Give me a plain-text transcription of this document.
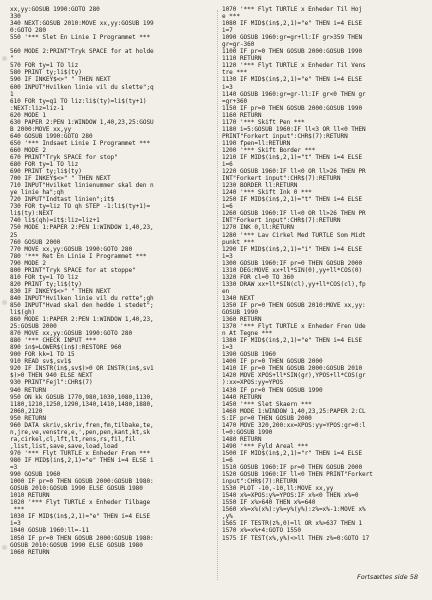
xx,yy:GOSUB 1990:GOTO 280
330
340 NEXT:GOSUB 2010:MOVE xx,yy:GOSUB 199
0:GOTO 280
550 '*** Slet En Linie I Programmet ***

560 MODE 2:PRINT"Tryk SPACE for at holde
"
570 FOR ty=1 TO liz
580 PRINT ty;li$(ty)
590 IF INKEY$<>" " THEN NEXT
600 INPUT"Hvilken linie vil du slette";q
1
610 FOR ty=q1 TO liz:li$(ty)=li$(ty+1)
:NEXT:liz=liz-1
620 MODE 1
630 PAPER 2:PEN 1:WINDOW 1,40,23,25:GOSU
B 2000:MOVE xx,yy
640 GOSUB 1990:GOTO 280
650 '*** Indsaet Linie I Programmet ***
660 MODE 2
670 PRINT"Tryk SPACE for stop"
680 FOR ty=1 TO liz
690 PRINT ty;li$(ty)
700 IF INKEY$<>" " THEN NEXT
710 INPUT"Hvilket linienummer skal den n
ye linie ha";qh
720 INPUT"Indtast linien";it$
730 FOR ty=liz TO qh STEP -1:li$(ty+1)=
li$(ty):NEXT
740 li$(qh)=it$:liz=liz+1
750 MODE 1:PAPER 2:PEN 1:WINDOW 1,40,23,
25
760 GOSUB 2000
770 MOVE xx,yy:GOSUB 1990:GOTO 280
780 '*** Ret En Linie I Programmet ***
790 MODE 2
800 PRINT"Tryk SPACE for at stoppe"
810 FOR ty=1 TO liz
820 PRINT ty;li$(ty)
830 IF INKEY$<>" " THEN NEXT
840 INPUT"Hvilken linie vil du rette";gh
850 INPUT"Hvad skal den hedde i stedet";
li$(gh)
860 MODE 1:PAPER 2:PEN 1:WINDOW 1,40,23,
25:GOSUB 2000
870 MOVE xx,yy:GOSUB 1990:GOTO 280
880 '*** CHECK INPUT ***
890 in$=LOWER$(in$):RESTORE 960
900 FOR kk=1 TO 15
910 READ sv$,sv1$
920 IF INSTR(in$,sv$)>0 OR INSTR(in$,sv1
$)>0 THEN 940 ELSE NEXT
930 PRINT"Fejl":CHR$(7)
940 RETURN
950 ON kk GOSUB 1770,980,1030,1080,1130,
1180,1210,1250,1290,1340,1410,1480,1880,
2060,2120
950 RETURN
960 DATA skriv,skriv,fren,fm,tilbake,te,
n,jre,ve,venstre,e,',pen,pen,kant,kt,sk
ra,cirkel,cl,lft,lt,rens,rs,fil,fil
,list,list,save,save,load,load
970 '*** Flyt TURTLE x Enheder Frem ***
980 IF MID$(in$,2,1)="e" THEN i=4 ELSE i
=3
990 GOSUB 1960
1000 IF pr=0 THEN GOSUB 2000:GOSUB 1980:
GOSUB 2010:GOSUB 1990 ELSE GOSUB 1980
1010 RETURN
1020 '*** Flyt TURTLE x Enheder Tilbage
***
1030 IF MID$(in$,2,1)="e" THEN i=4 ELSE
i=3
1040 GOSUB 1960:ll=-11
1050 IF pr=0 THEN GOSUB 2000:GOSUB 1980:
GOSUB 2010:GOSUB 1990 ELSE GOSUB 1980
1060 RETURN
1070 '*** Flyt TURTLE x Enheder Til Hoj
e ***
1080 IF MID$(in$,2,1)="e" THEN i=4 ELSE
i=7
1090 GOSUB 1960:gr=gr+ll:IF gr>359 THEN
gr=gr-360
1100 IF pr=0 THEN GOSUB 2000:GOSUB 1990
1110 RETURN
1120 '*** Flyt TURTLE x Enheder Til Vens
tre ***
1130 IF MID$(in$,2,1)="e" THEN i=4 ELSE
i=3
1140 GOSUB 1960:gr=gr-ll:IF gr<0 THEN gr
=gr+360
1150 IF pr=0 THEN GOSUB 2000:GOSUB 1990
1160 RETURN
1170 '*** Skift Pen ***
1180 i=5:GOSUB 1960:IF ll<3 OR ll<0 THEN
PRINT"Forkert input":CHR$(7):RETURN
1190 fpen=ll:RETURN
1200 '*** Skift Border ***
1210 IF MID$(in$,2,1)="t" THEN i=4 ELSE
i=6
1220 GOSUB 1960:IF ll<0 OR ll>26 THEN PR
INT"Forkert input":CHR$(7):RETURN
1230 BORDER ll:RETURN
1240 '*** Skift Ink 0 ***
1250 IF MID$(in$,2,1)="t" THEN i=4 ELSE
i=6
1260 GOSUB 1960:IF ll<0 OR ll>26 THEN PR
INT"Forkert input":CHR$(7):RETURN
1270 INK 0,ll:RETURN
1280 '*** Lav Cirkel Med TURTLE Som Midt
punkt ***
1290 IF MID$(in$,2,1)="i" THEN i=4 ELSE
i=3
1300 GOSUB 1960:IF pr=0 THEN GOSUB 2000
1310 DEG:MOVE xx+ll*SIN(0),yy+ll*COS(0)
1320 FOR cl=0 TO 360
1330 DRAW xx+ll*SIN(cl),yy+ll*COS(cl),fp
en
1340 NEXT
1350 IF pr=0 THEN GOSUB 2010:MOVE xx,yy:
GOSUB 1990
1360 RETURN
1370 '*** Flyt TURTLE x Enheder Fren Ude
n At Tegne ***
1380 IF MID$(in$,2,1)="e" THEN i=4 ELSE
i=3
1390 GOSUB 1960
1400 IF pr=0 THEN GOSUB 2000
1410 IF pr=0 THEN GOSUB 2000:GOSUB 2010
1420 MOVE XPOS+ll*SIN(gr),YPOS+ll*COS(gr
):xx=XPOS:yy=YPOS
1430 IF pr=0 THEN GOSUB 1990
1440 RETURN
1450 '*** Slet Skaern ***
1460 MODE 1:WINDOW 1,40,23,25:PAPER 2:CL
S:IF pr=0 THEN GOSUB 2000
1470 MOVE 320,200:xx=XPOS:yy=YPOS:gr=0:l
l=0:GOSUB 1990
1480 RETURN
1490 '*** Fyld Areal ***
1500 IF MID$(in$,2,1)="r" THEN i=4 ELSE
i=6
1510 GOSUB 1960:IF pr=0 THEN GOSUB 2000
1520 GOSUB 1960:IF ll<0 THEN PRINT"Forkert
input":CHR$(7):RETURN
1530 PLOT -10,-10,ll:MOVE xx,yy
1540 x%=XPOS:y%=YPOS:IF x%<0 THEN x%=0
1550 IF x%>640 THEN x%=640
1560 x%=x%(x%):y%=y%(y%):z%=x%-1:MOVE x%
,y%
1565 IF TESTR(z%,0)=ll OR x%>637 THEN 1
1570 x%=x%+4:GOTO 1550
1575 IF TEST(x%,y%)<>ll THEN z%=0:GOTO 17
Fortsættes side 58
